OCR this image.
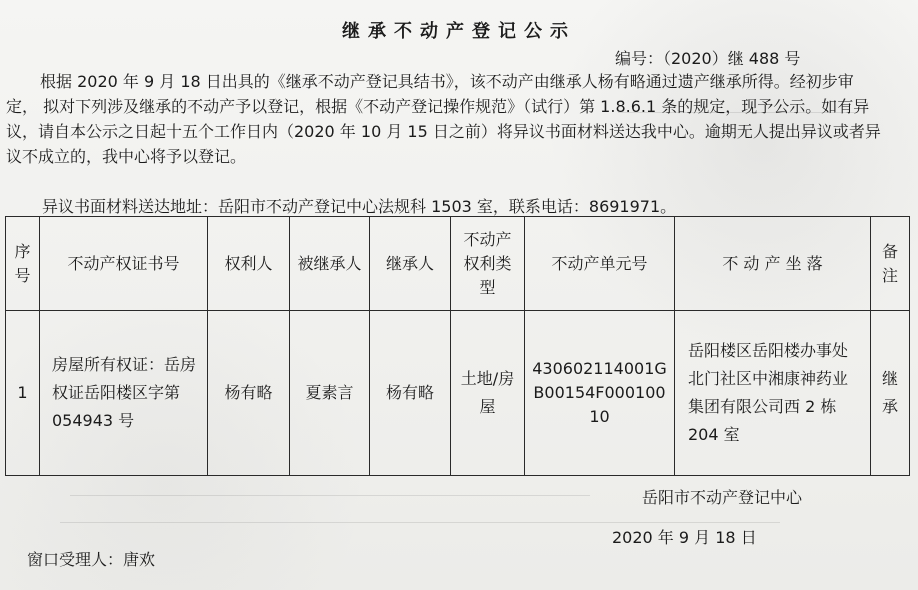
继承不动产登记公示
编号：（2020）继 488 号

根据 2020 年 9 月 18 日出具的《继承不动产登记具结书》，该不动产由继承人杨有略通过遗产继承所得。经初步审定， 拟对下列涉及继承的不动产予以登记，根据《不动产登记操作规范》（试行）第 1.8.6.1 条的规定，现予公示。如有异议，请自本公示之日起十五个工作日内（2020 年 10 月 15 日之前）将异议书面材料送达我中心。逾期无人提出异议或者异议不成立的，我中心将予以登记。

异议书面材料送达地址：岳阳市不动产登记中心法规科 1503 室，联系电话：8691971。
序号	不动产权证书号	权利人	被继承人	继承人	不动产权利类型	不动产单元号	不 动 产 坐 落	备注
1	房屋所有权证：岳房权证岳阳楼区字第 054943 号	杨有略	夏素言	杨有略	土地/房屋	430602114001GB00154F00010010	岳阳楼区岳阳楼办事处北门社区中湘康神药业集团有限公司西 2 栋 204 室	继承
岳阳市不动产登记中心
2020 年 9 月 18 日
窗口受理人：唐欢
